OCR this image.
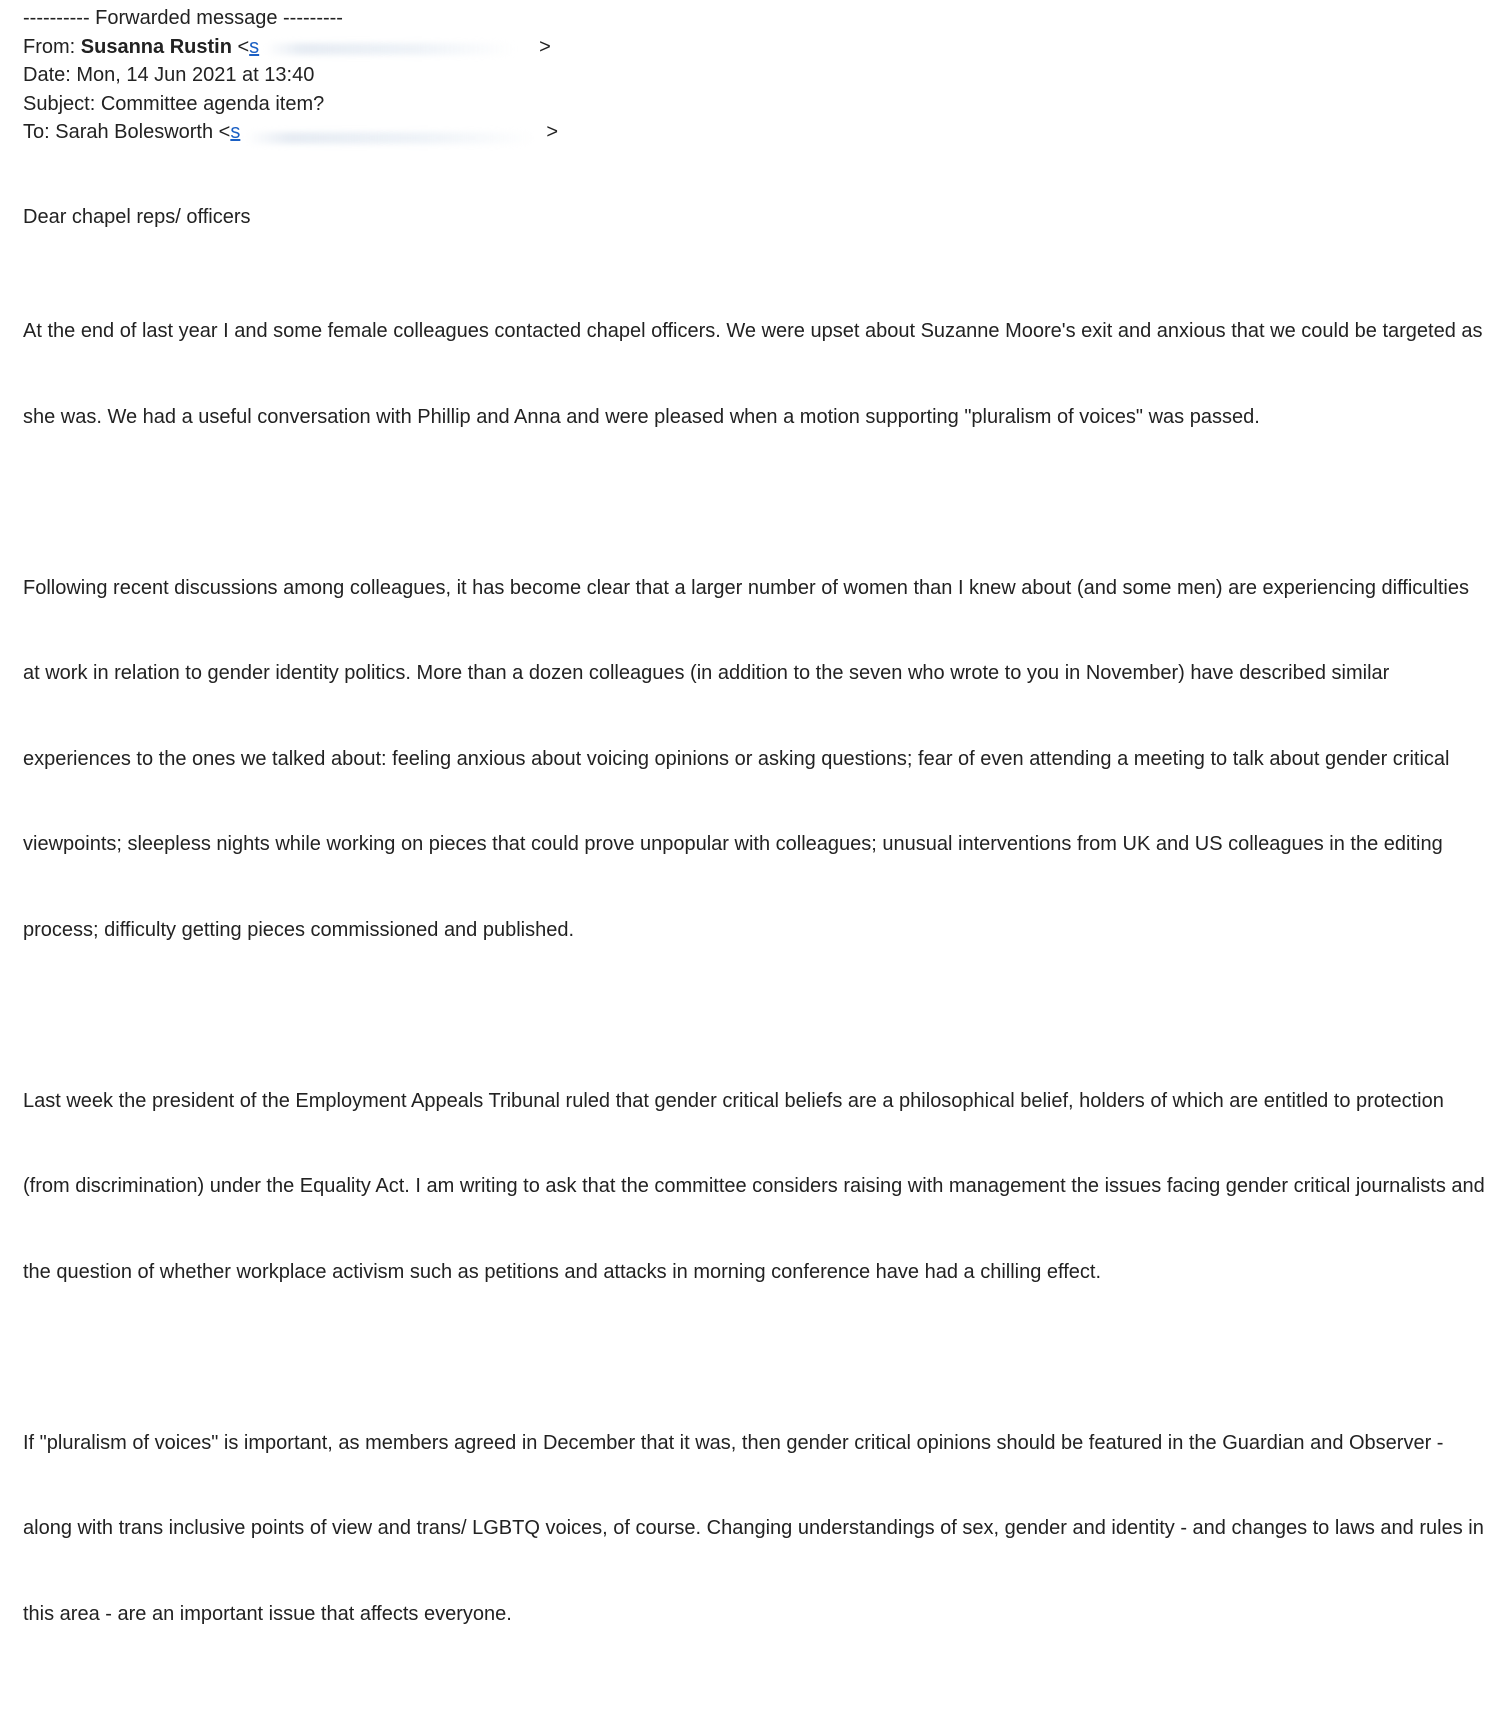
---------- Forwarded message ---------
From: Susanna Rustin <s	>
Date: Mon, 14 Jun 2021 at 13:40
Subject: Committee agenda item?
To: Sarah Bolesworth <s	>

Dear chapel reps/ officers

At the end of last year I and some female colleagues contacted chapel officers. We were upset about Suzanne Moore's exit and anxious that we could be targeted as

she was. We had a useful conversation with Phillip and Anna and were pleased when a motion supporting "pluralism of voices" was passed.

Following recent discussions among colleagues, it has become clear that a larger number of women than I knew about (and some men) are experiencing difficulties

at work in relation to gender identity politics. More than a dozen colleagues (in addition to the seven who wrote to you in November) have described similar

experiences to the ones we talked about: feeling anxious about voicing opinions or asking questions; fear of even attending a meeting to talk about gender critical

viewpoints; sleepless nights while working on pieces that could prove unpopular with colleagues; unusual interventions from UK and US colleagues in the editing

process; difficulty getting pieces commissioned and published.

Last week the president of the Employment Appeals Tribunal ruled that gender critical beliefs are a philosophical belief, holders of which are entitled to protection

(from discrimination) under the Equality Act. I am writing to ask that the committee considers raising with management the issues facing gender critical journalists and

the question of whether workplace activism such as petitions and attacks in morning conference have had a chilling effect.

If "pluralism of voices" is important, as members agreed in December that it was, then gender critical opinions should be featured in the Guardian and Observer -

along with trans inclusive points of view and trans/ LGBTQ voices, of course. Changing understandings of sex, gender and identity - and changes to laws and rules in

this area - are an important issue that affects everyone.
